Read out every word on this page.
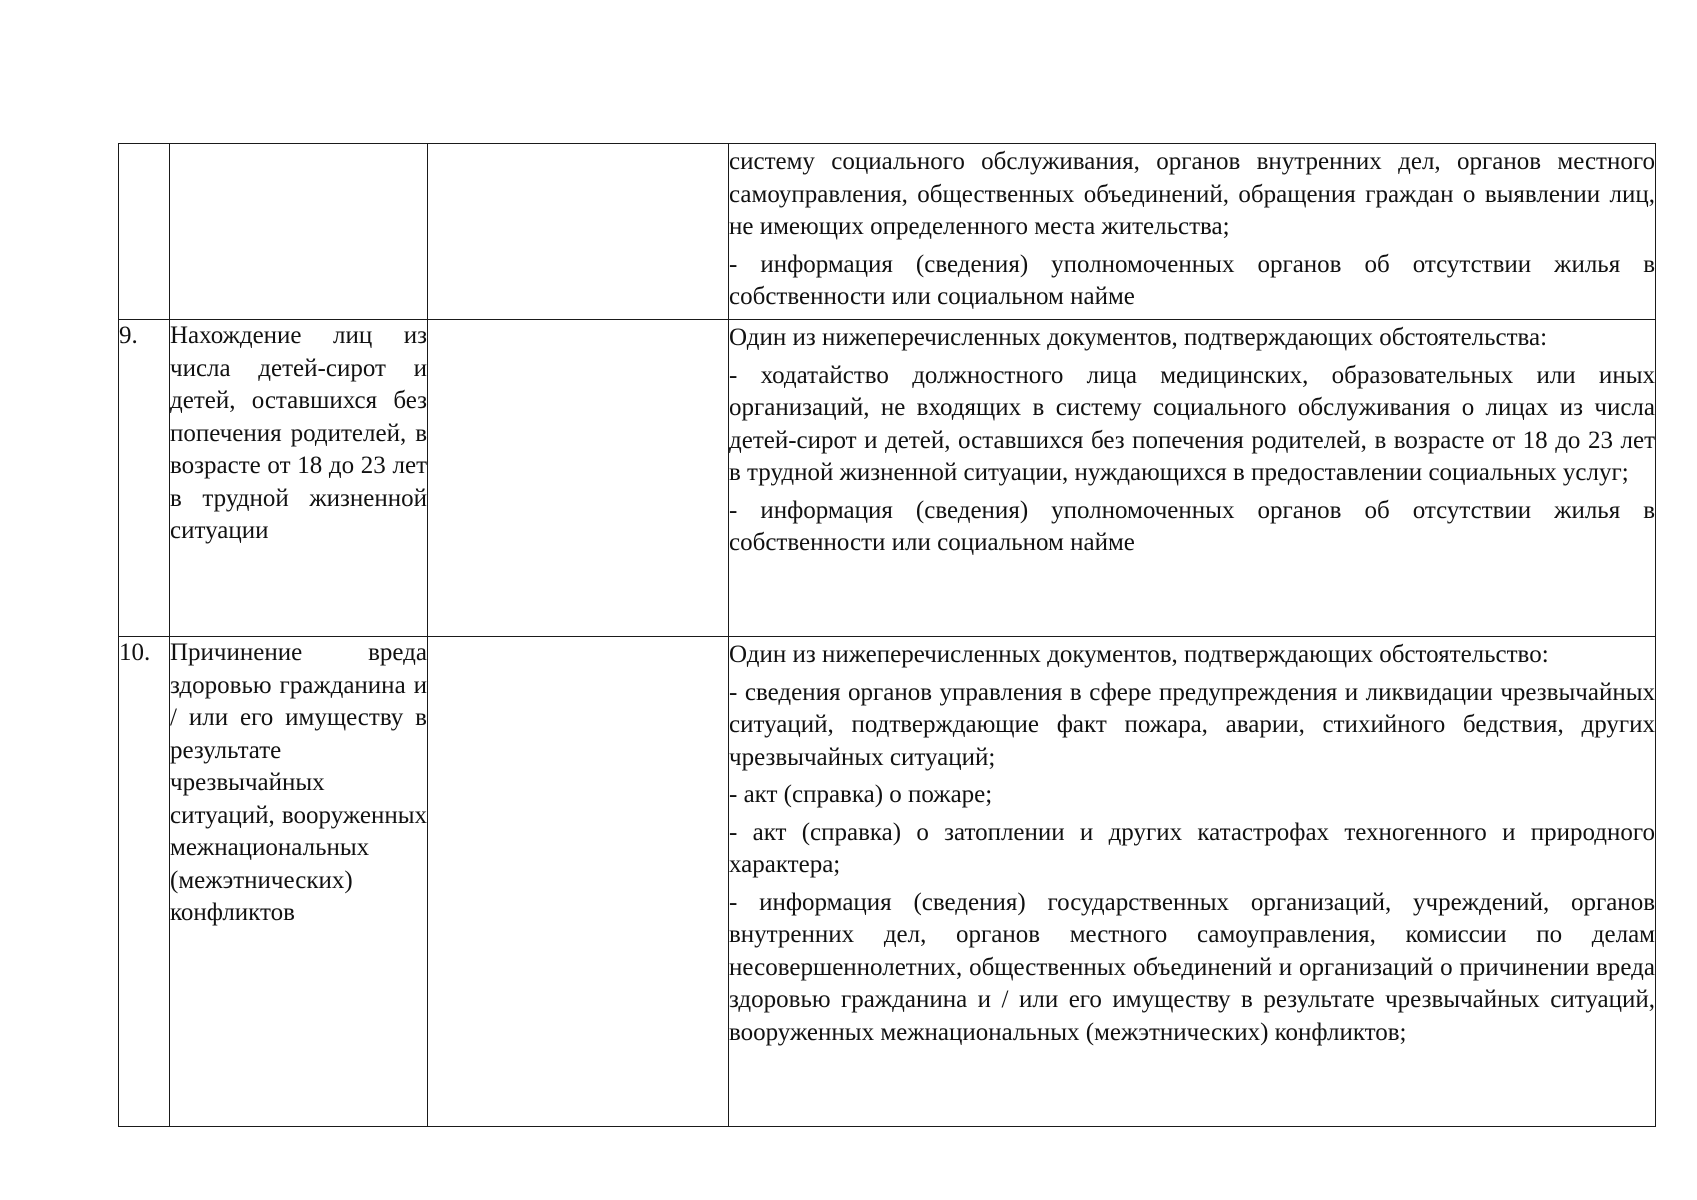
			систему социального обслуживания, органов внутренних дел, органов местного самоуправления, общественных объединений, обращения граждан о выявлении лиц, не имеющих определенного места жительства;

- информация (сведения) уполномоченных органов об отсутствии жилья в собственности или социальном найме

9.	Нахождение лиц из числа детей-сирот и детей, оставшихся без попечения родителей, в возрасте от 18 до 23 лет в трудной жизненной ситуации		Один из нижеперечисленных документов, подтверждающих обстоятельства:

- ходатайство должностного лица медицинских, образовательных или иных организаций, не входящих в систему социального обслуживания о лицах из числа детей-сирот и детей, оставшихся без попечения родителей, в возрасте от 18 до 23 лет в трудной жизненной ситуации, нуждающихся в предоставлении социальных услуг;

- информация (сведения) уполномоченных органов об отсутствии жилья в собственности или социальном найме

10.	Причинение вреда здоровью гражданина и / или его имуществу в результате чрезвычайных ситуаций, вооруженных межнациональных (межэтнических) конфликтов		Один из нижеперечисленных документов, подтверждающих обстоятельство:

- сведения органов управления в сфере предупреждения и ликвидации чрезвычайных ситуаций, подтверждающие факт пожара, аварии, стихийного бедствия, других чрезвычайных ситуаций;

- акт (справка) о пожаре;

- акт (справка) о затоплении и других катастрофах техногенного и природного характера;

- информация (сведения) государственных организаций, учреждений, органов внутренних дел, органов местного самоуправления, комиссии по делам несовершеннолетних, общественных объединений и организаций о причинении вреда здоровью гражданина и / или его имуществу в результате чрезвычайных ситуаций, вооруженных межнациональных (межэтнических) конфликтов;
